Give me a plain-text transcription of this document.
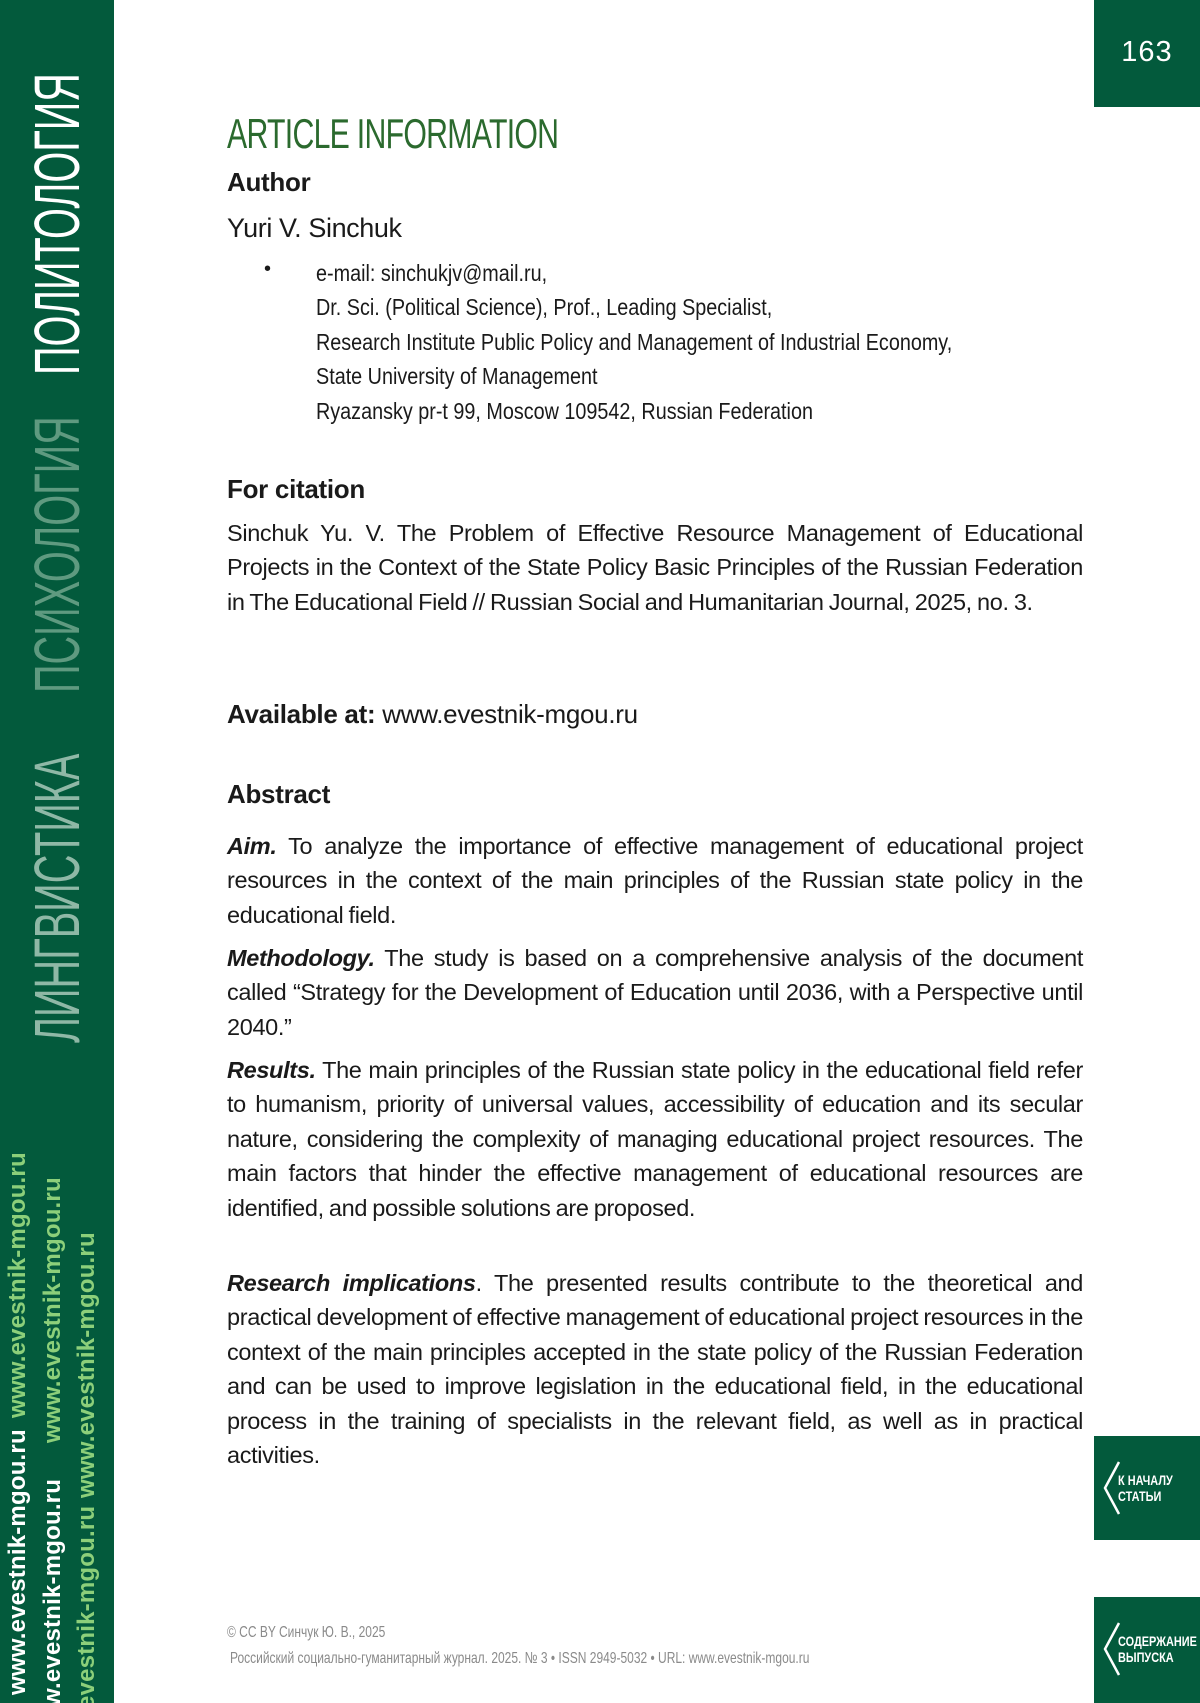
ЛИНГВИСТИКА
ПСИХОЛОГИЯ
ПОЛИТОЛОГИЯ
www.evestnik-mgou.ru
www.evestnik-mgou.ru
w.evestnik-mgou.ru
www.evestnik-mgou.ru
evestnik-mgou.ru
www.evestnik-mgou.ru
163
К НАЧАЛУ
СТАТЬИ
СОДЕРЖАНИЕ
ВЫПУСКА
ARTICLE INFORMATION
Author
Yuri V. Sinchuk
• e-mail: sinchukjv@mail.ru,
Dr. Sci. (Political Science), Prof., Leading Specialist,
Research Institute Public Policy and Management of Industrial Economy,
State University of Management
Ryazansky pr-t 99, Moscow 109542, Russian Federation
For citation
Sinchuk Yu. V. The Problem of Effective Resource Management of Educational Projects in the Context of the State Policy Basic Principles of the Russian Federation in The Educational Field // Russian Social and Humanitarian Journal, 2025, no. 3.
Available at: www.evestnik-mgou.ru
Abstract
Aim. To analyze the importance of effective management of educational project resources in the context of the main principles of the Russian state policy in the educational field.
Methodology. The study is based on a comprehensive analysis of the document called “Strategy for the Development of Education until 2036, with a Perspective until 2040.”
Results. The main principles of the Russian state policy in the educational field refer to humanism, priority of universal values, accessibility of education and its secular nature, considering the complexity of managing educational project resources. The main factors that hinder the effective management of educational resources are identified, and possible solutions are proposed.
Research implications. The presented results contribute to the theoretical and practical development of effective management of educational project resources in the context of the main principles accepted in the state policy of the Russian Federation and can be used to improve legislation in the educational field, in the educational process in the training of specialists in the relevant field, as well as in practical activities.
© CC BY Синчук Ю. В., 2025
Российский социально-гуманитарный журнал. 2025. № 3 • ISSN 2949-5032 • URL: www.evestnik-mgou.ru
